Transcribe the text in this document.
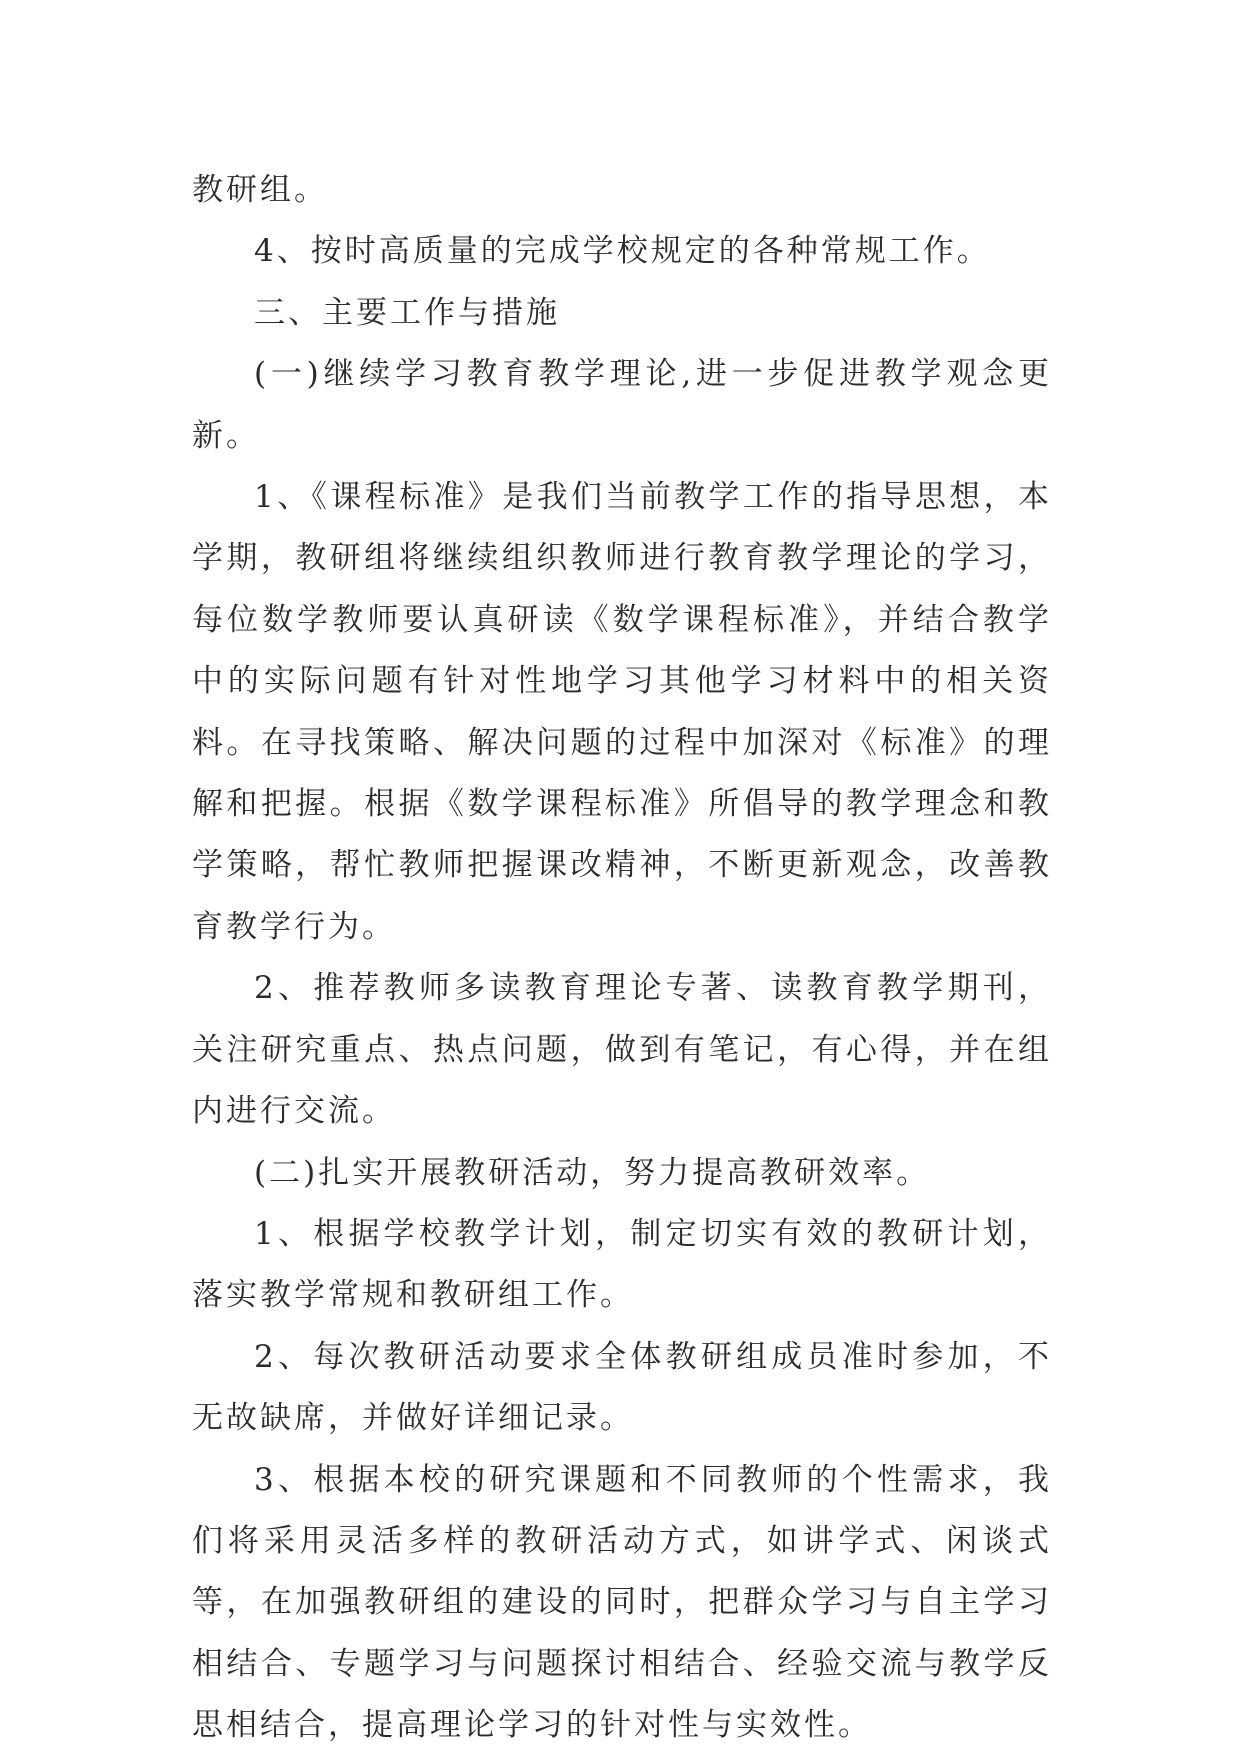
教研组。

4、按时高质量的完成学校规定的各种常规工作。

三、主要工作与措施

(一)继续学习教育教学理论,进一步促进教学观念更新。

1、《课程标准》是我们当前教学工作的指导思想，本学期，教研组将继续组织教师进行教育教学理论的学习，每位数学教师要认真研读《数学课程标准》，并结合教学中的实际问题有针对性地学习其他学习材料中的相关资料。在寻找策略、解决问题的过程中加深对《标准》的理解和把握。根据《数学课程标准》所倡导的教学理念和教学策略，帮忙教师把握课改精神，不断更新观念，改善教育教学行为。

2、推荐教师多读教育理论专著、读教育教学期刊，关注研究重点、热点问题，做到有笔记，有心得，并在组内进行交流。

(二)扎实开展教研活动，努力提高教研效率。

1、根据学校教学计划，制定切实有效的教研计划，落实教学常规和教研组工作。

2、每次教研活动要求全体教研组成员准时参加，不无故缺席，并做好详细记录。

3、根据本校的研究课题和不同教师的个性需求，我们将采用灵活多样的教研活动方式，如讲学式、闲谈式等，在加强教研组的建设的同时，把群众学习与自主学习相结合、专题学习与问题探讨相结合、经验交流与教学反思相结合，提高理论学习的针对性与实效性。
